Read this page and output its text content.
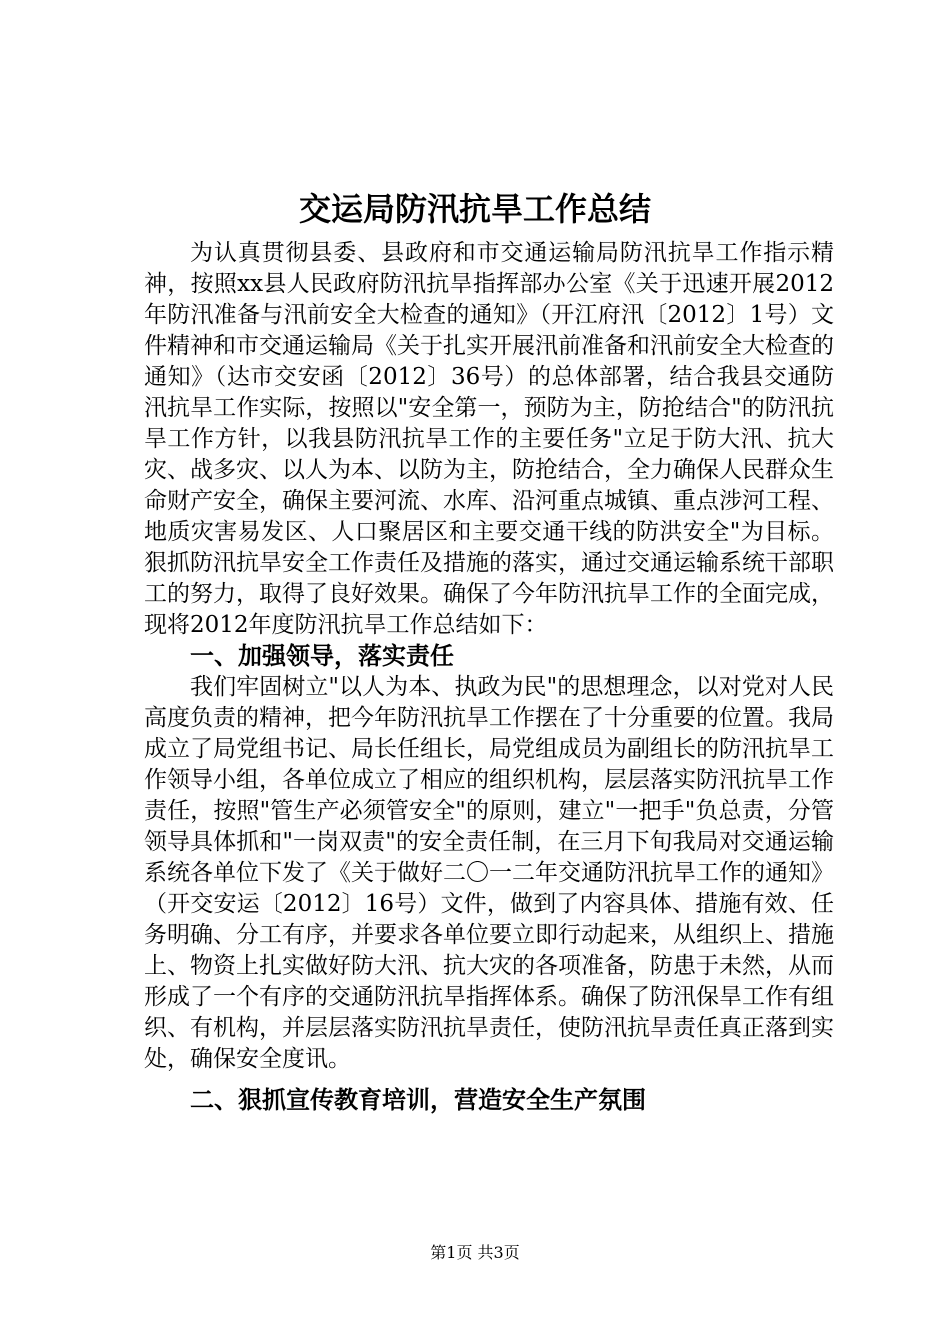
交运局防汛抗旱工作总结

为认真贯彻县委、县政府和市交通运输局防汛抗旱工作指示精神，按照xx县人民政府防汛抗旱指挥部办公室《关于迅速开展2012年防汛准备与汛前安全大检查的通知》（开江府汛〔2012〕1号）文件精神和市交通运输局《关于扎实开展汛前准备和汛前安全大检查的通知》（达市交安函〔2012〕36号）的总体部署，结合我县交通防汛抗旱工作实际，按照以"安全第一，预防为主，防抢结合"的防汛抗旱工作方针，以我县防汛抗旱工作的主要任务"立足于防大汛、抗大灾、战多灾、以人为本、以防为主，防抢结合，全力确保人民群众生命财产安全，确保主要河流、水库、沿河重点城镇、重点涉河工程、地质灾害易发区、人口聚居区和主要交通干线的防洪安全"为目标。狠抓防汛抗旱安全工作责任及措施的落实，通过交通运输系统干部职工的努力，取得了良好效果。确保了今年防汛抗旱工作的全面完成，现将2012年度防汛抗旱工作总结如下：

一、加强领导，落实责任

我们牢固树立"以人为本、执政为民"的思想理念，以对党对人民高度负责的精神，把今年防汛抗旱工作摆在了十分重要的位置。我局成立了局党组书记、局长任组长，局党组成员为副组长的防汛抗旱工作领导小组，各单位成立了相应的组织机构，层层落实防汛抗旱工作责任，按照"管生产必须管安全"的原则，建立"一把手"负总责，分管领导具体抓和"一岗双责"的安全责任制，在三月下旬我局对交通运输系统各单位下发了《关于做好二〇一二年交通防汛抗旱工作的通知》（开交安运〔2012〕16号）文件，做到了内容具体、措施有效、任务明确、分工有序，并要求各单位要立即行动起来，从组织上、措施上、物资上扎实做好防大汛、抗大灾的各项准备，防患于未然，从而形成了一个有序的交通防汛抗旱指挥体系。确保了防汛保旱工作有组织、有机构，并层层落实防汛抗旱责任，使防汛抗旱责任真正落到实处，确保安全度讯。

二、狠抓宣传教育培训，营造安全生产氛围

第1页 共3页
